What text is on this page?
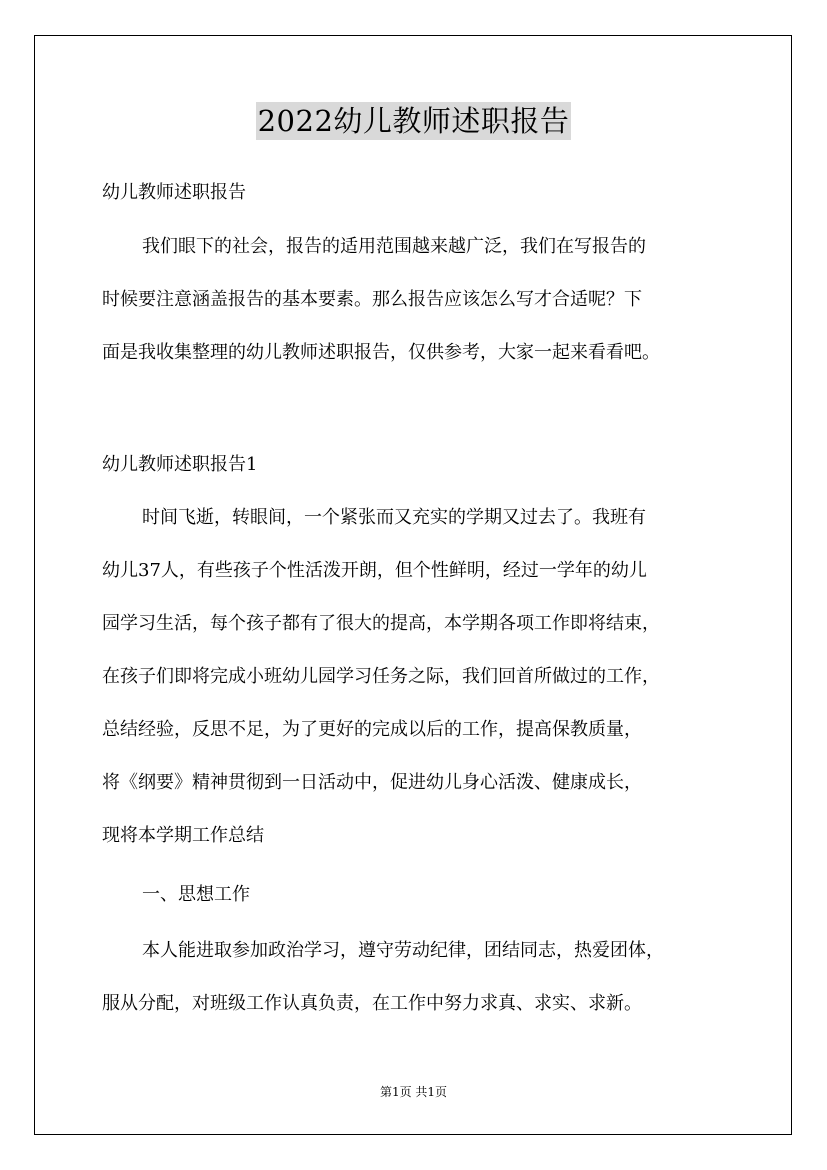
2022幼儿教师述职报告
幼儿教师述职报告
我们眼下的社会，报告的适用范围越来越广泛，我们在写报告的
时候要注意涵盖报告的基本要素。那么报告应该怎么写才合适呢？下
面是我收集整理的幼儿教师述职报告，仅供参考，大家一起来看看吧。
幼儿教师述职报告1
时间飞逝，转眼间，一个紧张而又充实的学期又过去了。我班有
幼儿37人，有些孩子个性活泼开朗，但个性鲜明，经过一学年的幼儿
园学习生活，每个孩子都有了很大的提高，本学期各项工作即将结束，
在孩子们即将完成小班幼儿园学习任务之际，我们回首所做过的工作，
总结经验，反思不足，为了更好的完成以后的工作，提高保教质量，
将《纲要》精神贯彻到一日活动中，促进幼儿身心活泼、健康成长，
现将本学期工作总结
一、思想工作
本人能进取参加政治学习，遵守劳动纪律，团结同志，热爱团体，
服从分配，对班级工作认真负责，在工作中努力求真、求实、求新。
第1页 共1页
